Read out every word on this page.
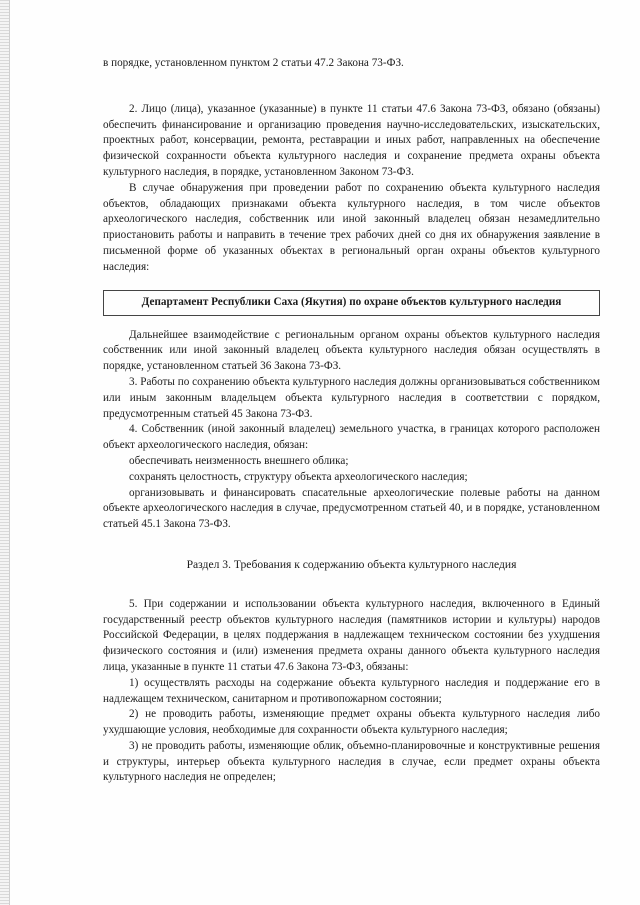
в порядке, установленном пунктом 2 статьи 47.2 Закона 73-ФЗ.

2. Лицо (лица), указанное (указанные) в пункте 11 статьи 47.6 Закона 73-ФЗ, обязано (обязаны) обеспечить финансирование и организацию проведения научно-исследовательских, изыскательских, проектных работ, консервации, ремонта, реставрации и иных работ, направленных на обеспечение физической сохранности объекта культурного наследия и сохранение предмета охраны объекта культурного наследия, в порядке, установленном Законом 73-ФЗ.

В случае обнаружения при проведении работ по сохранению объекта культурного наследия объектов, обладающих признаками объекта культурного наследия, в том числе объектов археологического наследия, собственник или иной законный владелец обязан незамедлительно приостановить работы и направить в течение трех рабочих дней со дня их обнаружения заявление в письменной форме об указанных объектах в региональный орган охраны объектов культурного наследия:

Департамент Республики Саха (Якутия) по охране объектов культурного наследия

Дальнейшее взаимодействие с региональным органом охраны объектов культурного наследия собственник или иной законный владелец объекта культурного наследия обязан осуществлять в порядке, установленном статьей 36 Закона 73-ФЗ.

3. Работы по сохранению объекта культурного наследия должны организовываться собственником или иным законным владельцем объекта культурного наследия в соответствии с порядком, предусмотренным статьей 45 Закона 73-ФЗ.

4. Собственник (иной законный владелец) земельного участка, в границах которого расположен объект археологического наследия, обязан:

обеспечивать неизменность внешнего облика;

сохранять целостность, структуру объекта археологического наследия;

организовывать и финансировать спасательные археологические полевые работы на данном объекте археологического наследия в случае, предусмотренном статьей 40, и в порядке, установленном статьей 45.1 Закона 73-ФЗ.

Раздел 3. Требования к содержанию объекта культурного наследия

5. При содержании и использовании объекта культурного наследия, включенного в Единый государственный реестр объектов культурного наследия (памятников истории и культуры) народов Российской Федерации, в целях поддержания в надлежащем техническом состоянии без ухудшения физического состояния и (или) изменения предмета охраны данного объекта культурного наследия лица, указанные в пункте 11 статьи 47.6 Закона 73-ФЗ, обязаны:

1) осуществлять расходы на содержание объекта культурного наследия и поддержание его в надлежащем техническом, санитарном и противопожарном состоянии;

2) не проводить работы, изменяющие предмет охраны объекта культурного наследия либо ухудшающие условия, необходимые для сохранности объекта культурного наследия;

3) не проводить работы, изменяющие облик, объемно-планировочные и конструктивные решения и структуры, интерьер объекта культурного наследия в случае, если предмет охраны объекта культурного наследия не определен;
